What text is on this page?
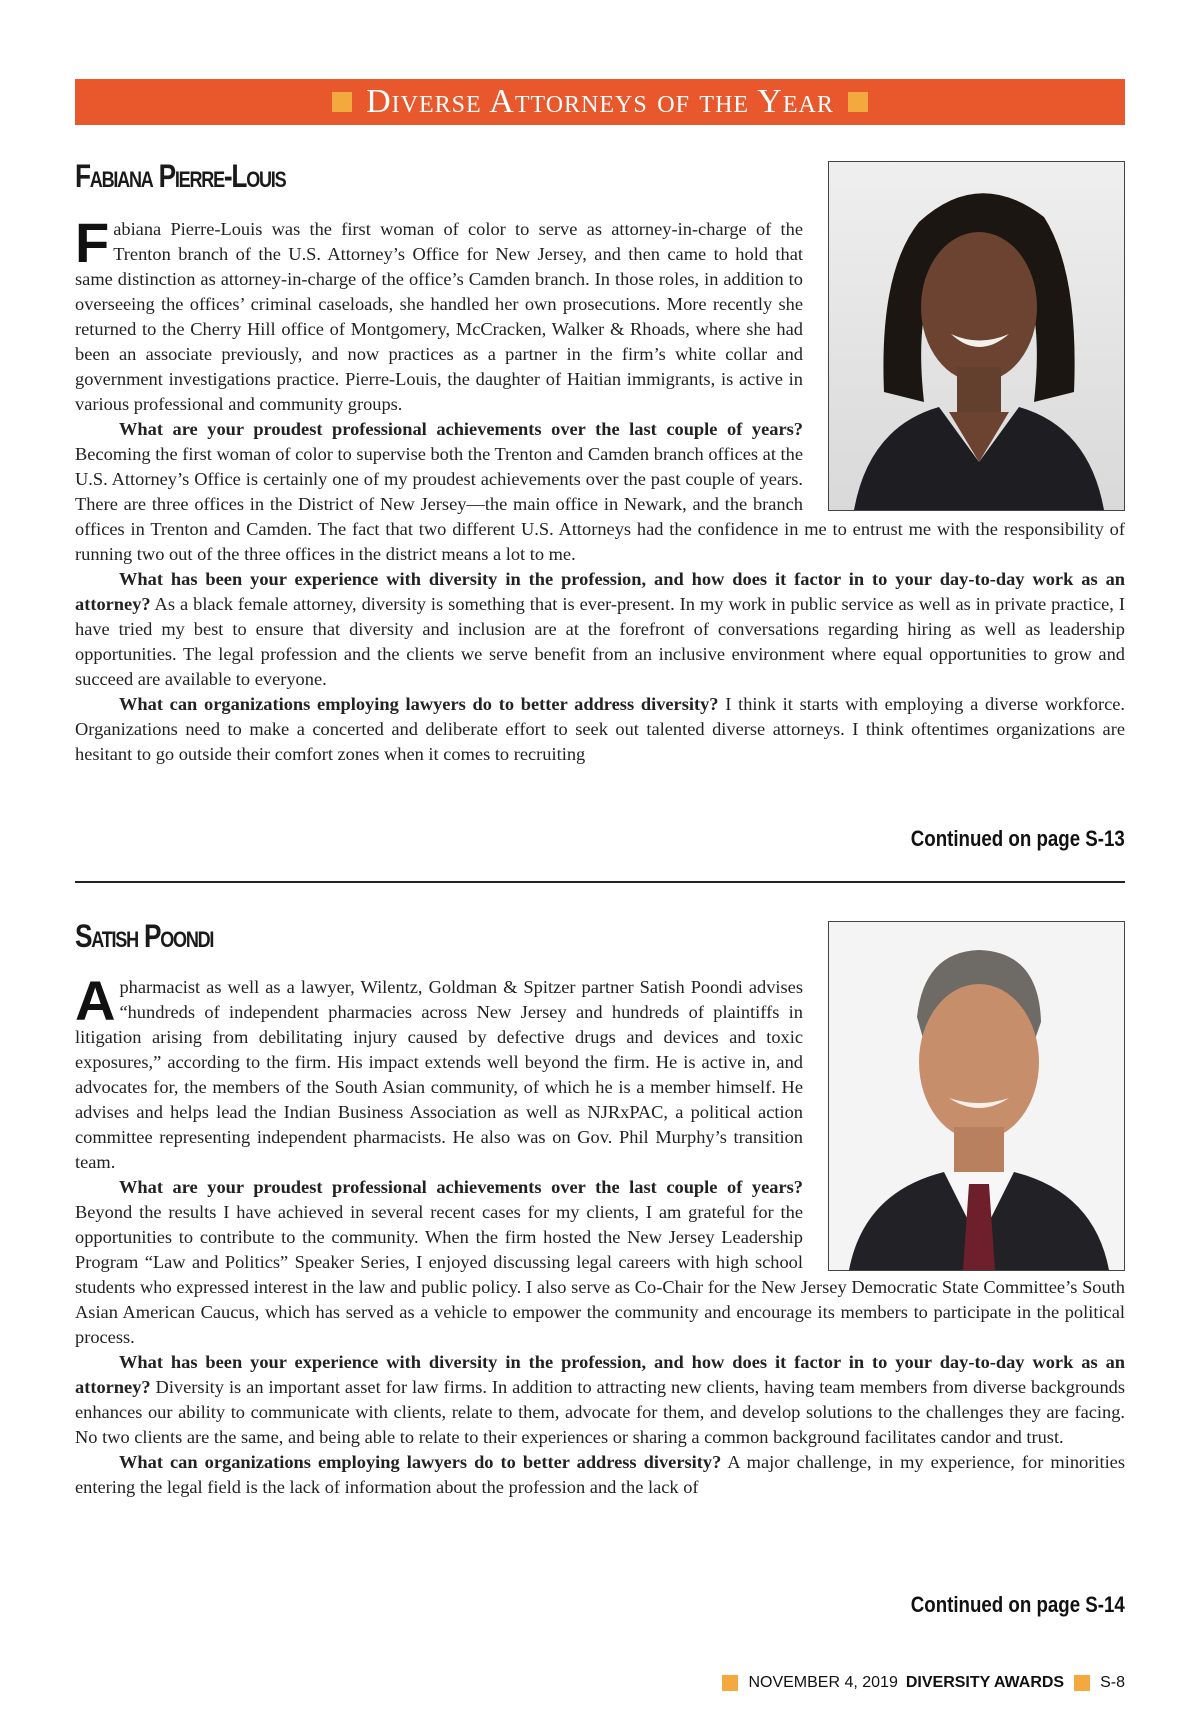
Diverse Attorneys of the Year
Fabiana Pierre-Louis

Fabiana Pierre-Louis was the first woman of color to serve as attorney-in-charge of the Trenton branch of the U.S. Attorney’s Office for New Jersey, and then came to hold that same distinction as attorney-in-charge of the office’s Camden branch. In those roles, in addition to overseeing the offices’ criminal caseloads, she handled her own prosecutions. More recently she returned to the Cherry Hill office of Montgomery, McCracken, Walker & Rhoads, where she had been an associate previously, and now practices as a partner in the firm’s white collar and government investigations practice. Pierre-Louis, the daughter of Haitian immigrants, is active in various professional and community groups.

What are your proudest professional achievements over the last couple of years? Becoming the first woman of color to supervise both the Trenton and Camden branch offices at the U.S. Attorney’s Office is certainly one of my proudest achievements over the past couple of years. There are three offices in the District of New Jersey—the main office in Newark, and the branch offices in Trenton and Camden. The fact that two different U.S. Attorneys had the confidence in me to entrust me with the responsibility of running two out of the three offices in the district means a lot to me.

What has been your experience with diversity in the profession, and how does it factor in to your day-to-day work as an attorney? As a black female attorney, diversity is something that is ever-present. In my work in public service as well as in private practice, I have tried my best to ensure that diversity and inclusion are at the forefront of conversations regarding hiring as well as leadership opportunities. The legal profession and the clients we serve benefit from an inclusive environment where equal opportunities to grow and succeed are available to everyone.

What can organizations employing lawyers do to better address diversity? I think it starts with employing a diverse workforce. Organizations need to make a concerted and deliberate effort to seek out talented diverse attorneys. I think oftentimes organizations are hesitant to go outside their comfort zones when it comes to recruiting

Continued on page S-13
Satish Poondi

A pharmacist as well as a lawyer, Wilentz, Goldman & Spitzer partner Satish Poondi advises “hundreds of independent pharmacies across New Jersey and hundreds of plaintiffs in litigation arising from debilitating injury caused by defective drugs and devices and toxic exposures,” according to the firm. His impact extends well beyond the firm. He is active in, and advocates for, the members of the South Asian community, of which he is a member himself. He advises and helps lead the Indian Business Association as well as NJRxPAC, a political action committee representing independent pharmacists. He also was on Gov. Phil Murphy’s transition team.

What are your proudest professional achievements over the last couple of years? Beyond the results I have achieved in several recent cases for my clients, I am grateful for the opportunities to contribute to the community. When the firm hosted the New Jersey Leadership Program “Law and Politics” Speaker Series, I enjoyed discussing legal careers with high school students who expressed interest in the law and public policy. I also serve as Co-Chair for the New Jersey Democratic State Committee’s South Asian American Caucus, which has served as a vehicle to empower the community and encourage its members to participate in the political process.

What has been your experience with diversity in the profession, and how does it factor in to your day-to-day work as an attorney? Diversity is an important asset for law firms. In addition to attracting new clients, having team members from diverse backgrounds enhances our ability to communicate with clients, relate to them, advocate for them, and develop solutions to the challenges they are facing. No two clients are the same, and being able to relate to their experiences or sharing a common background facilitates candor and trust.

What can organizations employing lawyers do to better address diversity? A major challenge, in my experience, for minorities entering the legal field is the lack of information about the profession and the lack of

Continued on page S-14
NOVEMBER 4, 2019 DIVERSITY AWARDS S-8
